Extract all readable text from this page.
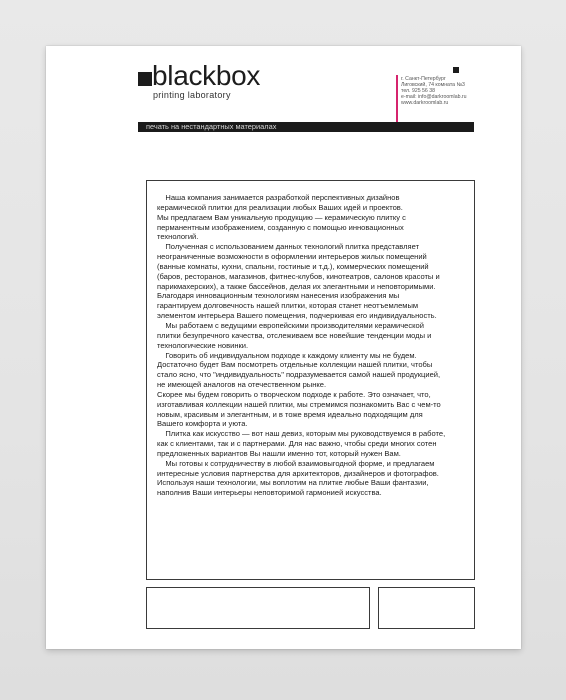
blackbox
printing laboratory
г. Санкт-Петербург
Лиговский, 74 комната №3
тел. 925 56 38
e-mail: info@darkroomlab.ru
www.darkroomlab.ru
печать на нестандартных материалах

Наша компания занимается разработкой перспективных дизайнов

керамической плитки для реализации любых Ваших идей и проектов.

Мы предлагаем Вам уникальную продукцию — керамическую плитку с

перманентным изображением, созданную с помощью инновационных

технологий.

Полученная с использованием данных технологий плитка представляет

неограниченные возможности в оформлении интерьеров жилых помещений

(ванные комнаты, кухни, спальни, гостиные и т.д.), коммерческих помещений

(баров, ресторанов, магазинов, фитнес-клубов, кинотеатров, салонов красоты и

парикмахерских), а также бассейнов, делая их элегантными и неповторимыми.

Благодаря инновационным технологиям нанесения изображения мы

гарантируем долговечность нашей плитки, которая станет неотъемлемым

элементом интерьера Вашего помещения, подчеркивая его индивидуальность.

Мы работаем с ведущими европейскими производителями керамической

плитки безупречного качества, отслеживаем все новейшие тенденции моды и

технологические новинки.

Говорить об индивидуальном подходе к каждому клиенту мы не будем.

Достаточно будет Вам посмотреть отдельные коллекции нашей плитки, чтобы

стало ясно, что "индивидуальность" подразумевается самой нашей продукцией,

не имеющей аналогов на отечественном рынке.

Скорее мы будем говорить о творческом подходе к работе. Это означает, что,

изготавливая коллекции нашей плитки, мы стремимся познакомить Вас с чем-то

новым, красивым и элегантным, и в тоже время идеально подходящим для

Вашего комфорта и уюта.

Плитка как искусство — вот наш девиз, которым мы руководствуемся в работе,

как с клиентами, так и с партнерами. Для нас важно, чтобы среди многих сотен

предложенных вариантов Вы нашли именно тот, который нужен Вам.

Мы готовы к сотрудничеству в любой взаимовыгодной форме, и предлагаем

интересные условия партнерства для архитекторов, дизайнеров и фотографов.

Используя наши технологии, мы воплотим на плитке любые Ваши фантазии,

наполнив Ваши интерьеры неповторимой гармонией искусства.
